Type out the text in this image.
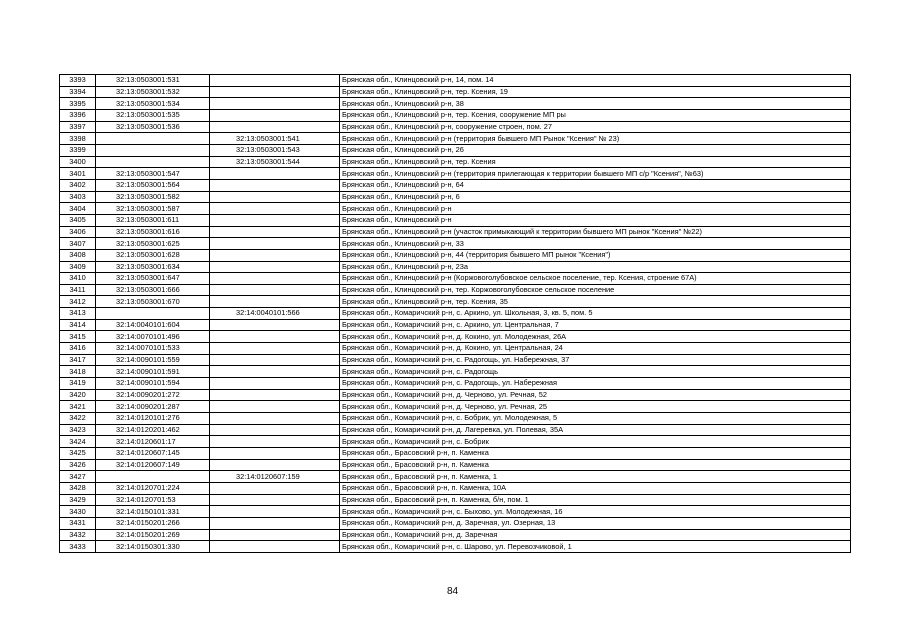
3393	32:13:0503001:531		Брянская обл., Клинцовский р-н, 14, пом. 14
3394	32:13:0503001:532		Брянская обл., Клинцовский р-н, тер. Ксения, 19
3395	32:13:0503001:534		Брянская обл., Клинцовский р-н, 38
3396	32:13:0503001:535		Брянская обл., Клинцовский р-н, тер. Ксения, сооружение МП ры
3397	32:13:0503001:536		Брянская обл., Клинцовский р-н, сооружение строен, пом. 27
3398		32:13:0503001:541	Брянская обл., Клинцовский р-н (территория бывшего МП Рынок "Ксения" № 23)
3399		32:13:0503001:543	Брянская обл., Клинцовский р-н, 26
3400		32:13:0503001:544	Брянская обл., Клинцовский р-н, тер. Ксения
3401	32:13:0503001:547		Брянская обл., Клинцовский р-н (территория прилегающая к территории бывшего МП с/р "Ксения", №63)
3402	32:13:0503001:564		Брянская обл., Клинцовский р-н, 64
3403	32:13:0503001:582		Брянская обл., Клинцовский р-н, 6
3404	32:13:0503001:587		Брянская обл., Клинцовский р-н
3405	32:13:0503001:611		Брянская обл., Клинцовский р-н
3406	32:13:0503001:616		Брянская обл., Клинцовский р-н (участок примыкающий к территории бывшего МП рынок "Ксения" №22)
3407	32:13:0503001:625		Брянская обл., Клинцовский р-н, 33
3408	32:13:0503001:628		Брянская обл., Клинцовский р-н, 44 (территория бывшего МП рынок "Ксения")
3409	32:13:0503001:634		Брянская обл., Клинцовский р-н, 23а
3410	32:13:0503001:647		Брянская обл., Клинцовский р-н (Коржовоголубовское сельское поселение, тер. Ксения, строение 67А)
3411	32:13:0503001:666		Брянская обл., Клинцовский р-н, тер. Коржовоголубовское сельское поселение
3412	32:13:0503001:670		Брянская обл., Клинцовский р-н, тер. Ксения, 35
3413		32:14:0040101:566	Брянская обл., Комаричский р-н, с. Аркино, ул. Школьная, 3, кв. 5, пом. 5
3414	32:14:0040101:604		Брянская обл., Комаричский р-н, с. Аркино, ул. Центральная, 7
3415	32:14:0070101:496		Брянская обл., Комаричский р-н, д. Кокино, ул. Молодежная, 26А
3416	32:14:0070101:533		Брянская обл., Комаричский р-н, д. Кокино, ул. Центральная, 24
3417	32:14:0090101:559		Брянская обл., Комаричский р-н, с. Радогощь, ул. Набережная, 37
3418	32:14:0090101:591		Брянская обл., Комаричский р-н, с. Радогощь
3419	32:14:0090101:594		Брянская обл., Комаричский р-н, с. Радогощь, ул. Набережная
3420	32:14:0090201:272		Брянская обл., Комаричский р-н, д. Черново, ул. Речная, 52
3421	32:14:0090201:287		Брянская обл., Комаричский р-н, д. Черново, ул. Речная, 25
3422	32:14:0120101:276		Брянская обл., Комаричский р-н, с. Бобрик, ул. Молодежная, 5
3423	32:14:0120201:462		Брянская обл., Комаричский р-н, д. Лагеревка, ул. Полевая, 35А
3424	32:14:0120601:17		Брянская обл., Комаричский р-н, с. Бобрик
3425	32:14:0120607:145		Брянская обл., Брасовский р-н, п. Каменка
3426	32:14:0120607:149		Брянская обл., Брасовский р-н, п. Каменка
3427		32:14:0120607:159	Брянская обл., Брасовский р-н, п. Каменка, 1
3428	32:14:0120701:224		Брянская обл., Брасовский р-н, п. Каменка, 10А
3429	32:14:0120701:53		Брянская обл., Брасовский р-н, п. Каменка, б/н, пом. 1
3430	32:14:0150101:331		Брянская обл., Комаричский р-н, с. Быхово, ул. Молодежная, 16
3431	32:14:0150201:266		Брянская обл., Комаричский р-н, д. Заречная, ул. Озерная, 13
3432	32:14:0150201:269		Брянская обл., Комаричский р-н, д. Заречная
3433	32:14:0150301:330		Брянская обл., Комаричский р-н, с. Шарово, ул. Перевозчиковой, 1
84
